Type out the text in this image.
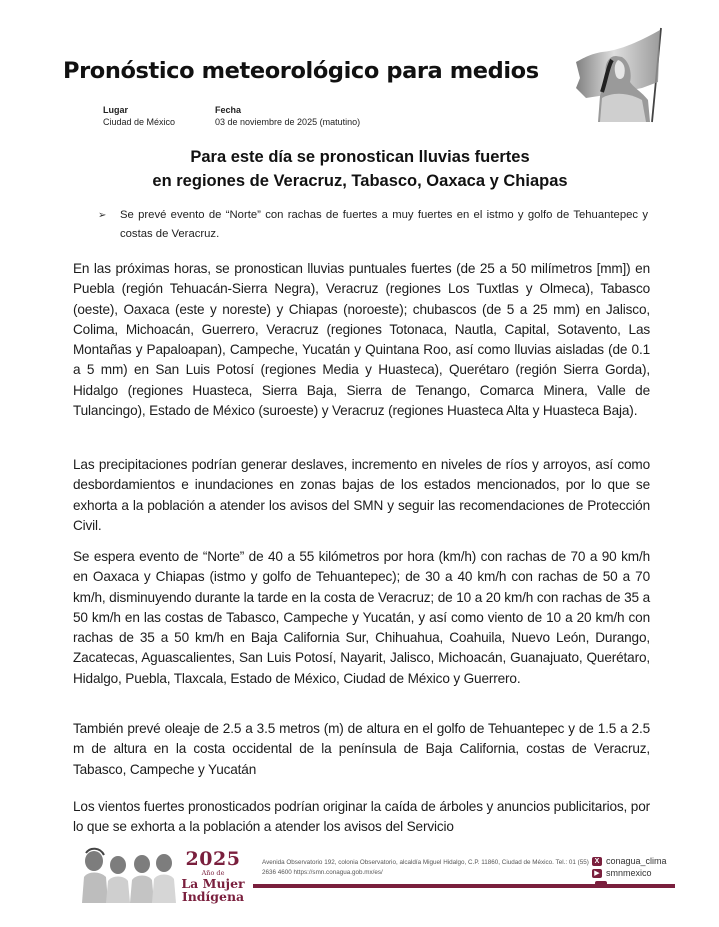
Pronóstico meteorológico para medios
Lugar
Ciudad de México
Fecha
03 de noviembre de 2025 (matutino)
Para este día se pronostican lluvias fuertes
en regiones de Veracruz, Tabasco, Oaxaca y Chiapas
➢ Se prevé evento de “Norte” con rachas de fuertes a muy fuertes en el istmo y golfo de Tehuantepec y costas de Veracruz.

En las próximas horas, se pronostican lluvias puntuales fuertes (de 25 a 50 milímetros [mm]) en Puebla (región Tehuacán-Sierra Negra), Veracruz (regiones Los Tuxtlas y Olmeca), Tabasco (oeste), Oaxaca (este y noreste) y Chiapas (noroeste); chubascos (de 5 a 25 mm) en Jalisco, Colima, Michoacán, Guerrero, Veracruz (regiones Totonaca, Nautla, Capital, Sotavento, Las Montañas y Papaloapan), Campeche, Yucatán y Quintana Roo, así como lluvias aisladas (de 0.1 a 5 mm) en San Luis Potosí (regiones Media y Huasteca), Querétaro (región Sierra Gorda), Hidalgo (regiones Huasteca, Sierra Baja, Sierra de Tenango, Comarca Minera, Valle de Tulancingo), Estado de México (suroeste) y Veracruz (regiones Huasteca Alta y Huasteca Baja).

Las precipitaciones podrían generar deslaves, incremento en niveles de ríos y arroyos, así como desbordamientos e inundaciones en zonas bajas de los estados mencionados, por lo que se exhorta a la población a atender los avisos del SMN y seguir las recomendaciones de Protección Civil.

Se espera evento de “Norte” de 40 a 55 kilómetros por hora (km/h) con rachas de 70 a 90 km/h en Oaxaca y Chiapas (istmo y golfo de Tehuantepec); de 30 a 40 km/h con rachas de 50 a 70 km/h, disminuyendo durante la tarde en la costa de Veracruz; de 10 a 20 km/h con rachas de 35 a 50 km/h en las costas de Tabasco, Campeche y Yucatán, y así como viento de 10 a 20 km/h con rachas de 35 a 50 km/h en Baja California Sur, Chihuahua, Coahuila, Nuevo León, Durango, Zacatecas, Aguascalientes, San Luis Potosí, Nayarit, Jalisco, Michoacán, Guanajuato, Querétaro, Hidalgo, Puebla, Tlaxcala, Estado de México, Ciudad de México y Guerrero.

También prevé oleaje de 2.5 a 3.5 metros (m) de altura en el golfo de Tehuantepec y de 1.5 a 2.5 m de altura en la costa occidental de la península de Baja California, costas de Veracruz, Tabasco, Campeche y Yucatán

Los vientos fuertes pronosticados podrían originar la caída de árboles y anuncios publicitarios, por lo que se exhorta a la población a atender los avisos del Servicio

2025
Año de
La Mujer
Indígena
Avenida Observatorio 192, colonia Observatorio, alcaldía Miguel Hidalgo, C.P. 11860, Ciudad de México. Tel.: 01 (55) 2636 4600 https://smn.conagua.gob.mx/es/
X conagua_clima
▶ smnmexico
